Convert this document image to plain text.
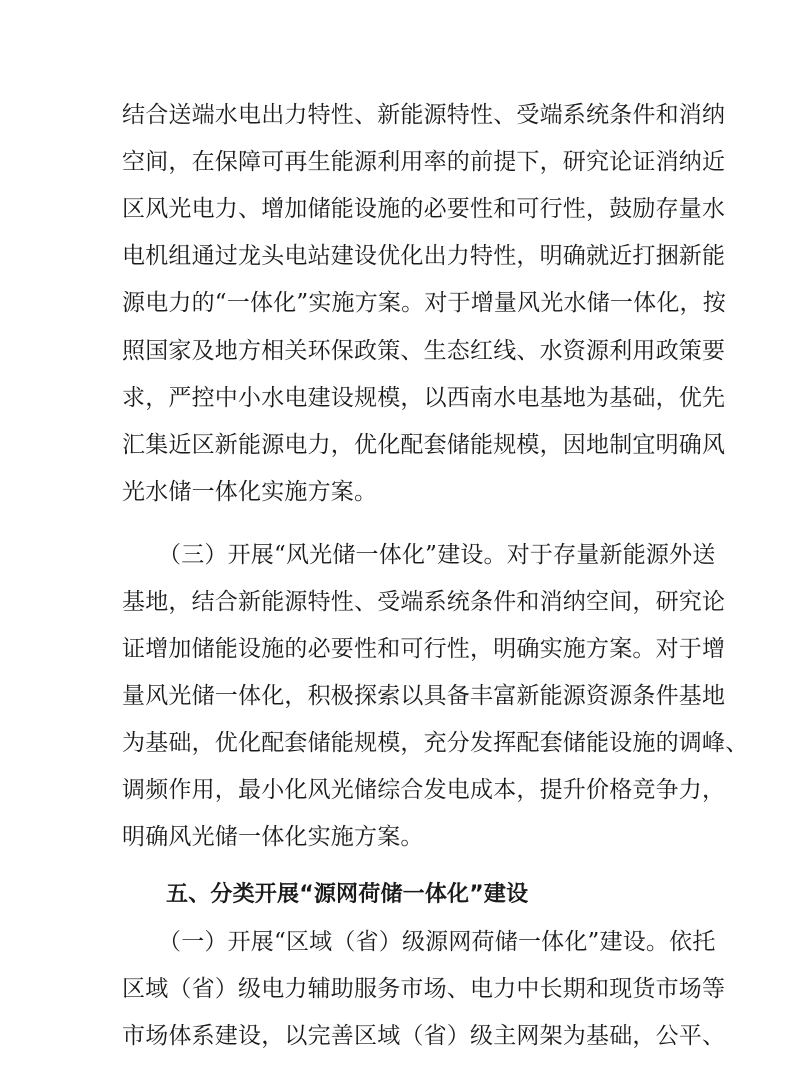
结合送端水电出力特性、新能源特性、受端系统条件和消纳
空间，在保障可再生能源利用率的前提下，研究论证消纳近
区风光电力、增加储能设施的必要性和可行性，鼓励存量水
电机组通过龙头电站建设优化出力特性，明确就近打捆新能
源电力的“一体化”实施方案。对于增量风光水储一体化，按
照国家及地方相关环保政策、生态红线、水资源利用政策要
求，严控中小水电建设规模，以西南水电基地为基础，优先
汇集近区新能源电力，优化配套储能规模，因地制宜明确风
光水储一体化实施方案。
（三）开展“风光储一体化”建设。对于存量新能源外送
基地，结合新能源特性、受端系统条件和消纳空间，研究论
证增加储能设施的必要性和可行性，明确实施方案。对于增
量风光储一体化，积极探索以具备丰富新能源资源条件基地
为基础，优化配套储能规模，充分发挥配套储能设施的调峰、
调频作用，最小化风光储综合发电成本，提升价格竞争力，
明确风光储一体化实施方案。
五、分类开展“源网荷储一体化”建设
（一）开展“区域（省）级源网荷储一体化”建设。依托
区域（省）级电力辅助服务市场、电力中长期和现货市场等
市场体系建设，以完善区域（省）级主网架为基础，公平、
